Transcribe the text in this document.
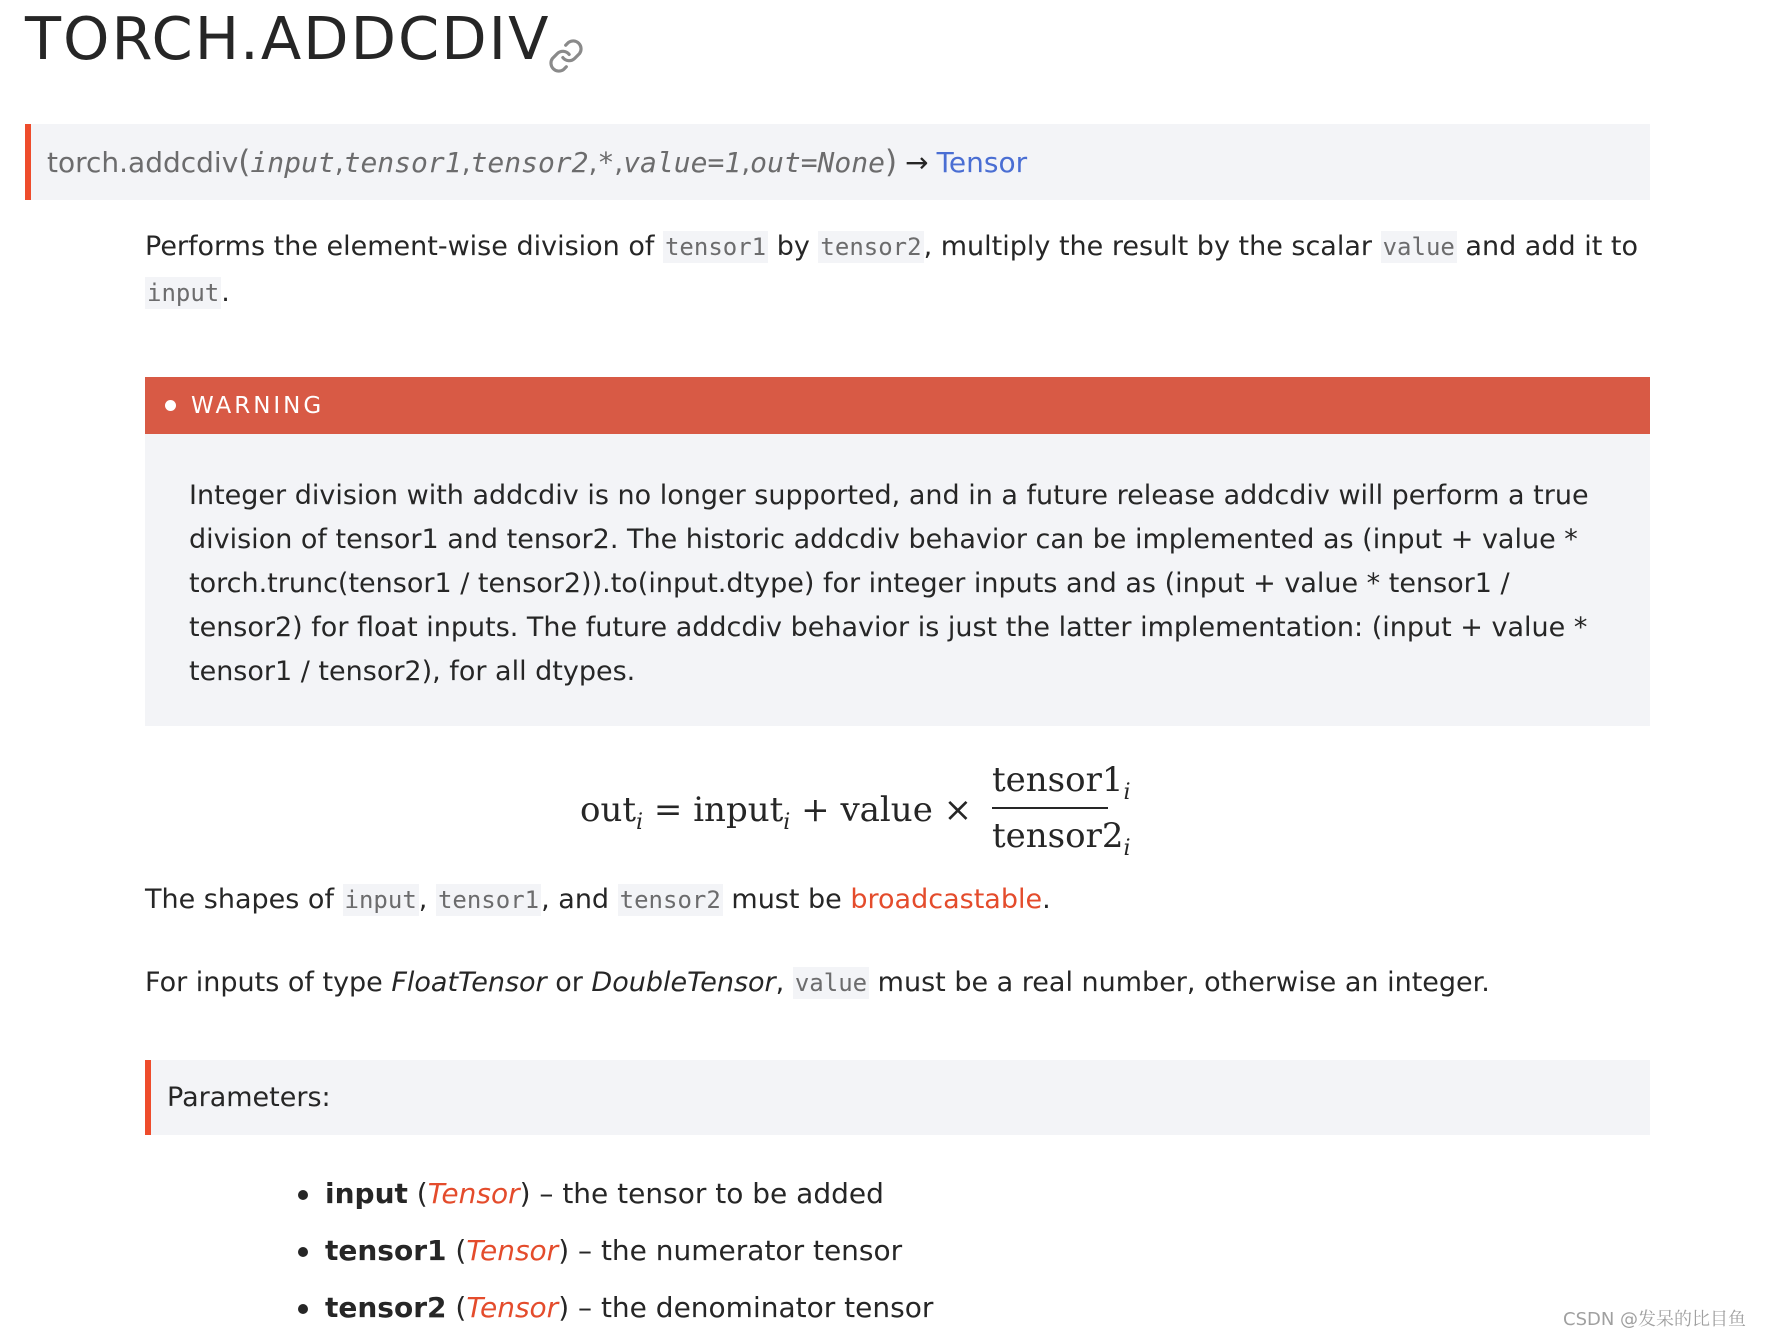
TORCH.ADDCDIV
torch.addcdiv ( input , tensor1 , tensor2 , * , value=1 , out=None ) → Tensor

Performs the element-wise division of tensor1 by tensor2, multiply the result by the scalar value and add it to input.

WARNING

Integer division with addcdiv is no longer supported, and in a future release addcdiv will perform a true division of tensor1 and tensor2. The historic addcdiv behavior can be implemented as (input + value * torch.trunc(tensor1 / tensor2)).to(input.dtype) for integer inputs and as (input + value * tensor1 / tensor2) for float inputs. The future addcdiv behavior is just the latter implementation: (input + value * tensor1 / tensor2), for all dtypes.

out$_i$ = input$_i$ + value ×
$tensor1_i$
$tensor2_i$

The shapes of input, tensor1, and tensor2 must be broadcastable.

For inputs of type FloatTensor or DoubleTensor, value must be a real number, otherwise an integer.

Parameters:
input (Tensor) – the tensor to be added
tensor1 (Tensor) – the numerator tensor
tensor2 (Tensor) – the denominator tensor	CSDN @发呆的比目鱼​
